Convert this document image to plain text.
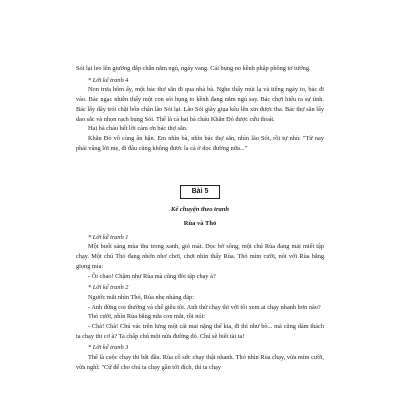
Sói lại leo lên giường đắp chăn nằm ngủ, ngáy vang. Cái bụng no kềnh phập phồng tơ tướng.

* Lời kể tranh 4

Non trưa hôm ấy, một bác thợ săn đi qua nhà bà. Nghe thấy mùi lạ và tiếng ngáy to, bác đi vào. Bác ngạc nhiên thấy một con sói bụng to kềnh đang nằm ngủ say. Bác chợt hiểu ra sự tình. Bác lấy dây trói chặt bốn chân lão Sói lại. Lão Sói giãy giụa kêu lên xin được tha. Bác thợ săn lấy dao sắc và nhọn rạch bụng Sói. Thế là cả hai bà cháu Khăn Đỏ được cứu thoát.

Hai bà cháu hết lời cảm ơn bác thợ săn.

Khăn Đỏ vô cùng ân hận. Em nhìn bà, nhìn bác thợ săn, nhìn lão Sói, rồi tự nhủ: "Từ nay phải vâng lời mẹ, đi đâu cũng không được la cà ở dọc đường nữa..."

Bài 5
Kể chuyện theo tranh
Rùa và Thỏ

* Lời kể tranh 1

Một buổi sáng mùa thu trong xanh, gió mát. Dọc bờ sông, một chú Rùa đang mải miết tập chạy. Một chú Thỏ đang nhởn nhơ chơi, chợt nhìn thấy Rùa. Thỏ mỉm cười, nói với Rùa bằng giọng mỉa:

- Ôi chao! Chậm như Rùa mà cũng đòi tập chạy à?

* Lời kể tranh 2

Ngước mắt nhìn Thỏ, Rùa nhẹ nhàng đáp:

- Anh đừng coi thường và chế giễu tôi. Anh thử chạy thi với tôi xem ai chạy nhanh hơn nào?

Thỏ cười, nhìn Rùa bằng nửa con mắt, rồi nói:

- Chà! Chà! Chú vác trên lưng một cái mai nặng thế kia, đi thì như bò... mà cũng dám thách ta chạy thi cơ à? Ta chấp chú một nửa đường đó. Chú sẽ biết tài ta!

* Lời kể tranh 3

Thế là cuộc chạy thi bắt đầu. Rùa cố sức chạy thật nhanh. Thỏ nhìn Rùa chạy, vừa mỉm cười, vừa nghĩ: "Cứ để cho chú ta chạy gần tới đích, thì ta chạy
